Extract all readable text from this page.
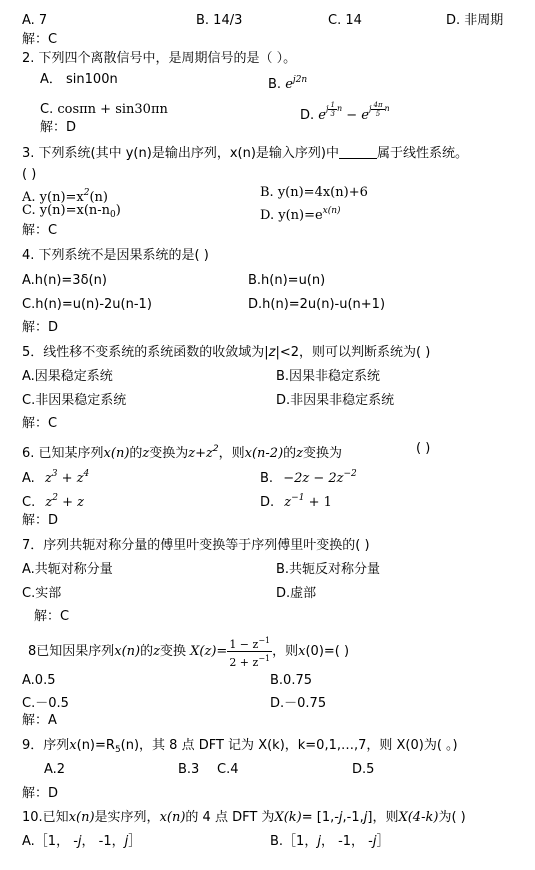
A. 7	B. 14/3	C. 14	D. 非周期
解：C
2. 下列四个离散信号中，是周期信号的是（ ）。
A． sin100n	B. $e^{j2n}$
C. cosπn + sin30πn	D. $e^{j \frac{1}{3} n} - e^{j \frac{4\pi}{5} n}$
解：D
3. 下列系统(其中 y(n)是输出序列，x(n)是输入序列)中	属于线性系统。
( )
A. $y(n)=x^2(n)$	B. y(n)=4x(n)+6
C. $y(n)=x(n-n_0)$	D. $y(n)=e^{x(n)}$
解：C
4. 下列系统不是因果系统的是( )
A.h(n)=3δ(n)	B.h(n)=u(n)
C.h(n)=u(n)-2u(n-1)	D.h(n)=2u(n)-u(n+1)
解：D
5．线性移不变系统的系统函数的收敛域为|z|<2，则可以判断系统为( )
A.因果稳定系统	B.因果非稳定系统
C.非因果稳定系统	D.非因果非稳定系统
解：C
6. 已知某序列x(n)的z变换为$z+z^2$，则x(n-2)的z变换为	( )
A. $z^3 + z^4$	B. $-2z - 2z^{-2}$
C. $z^2 + z$	D. $z^{-1} + 1$
解：D
7．序列共轭对称分量的傅里叶变换等于序列傅里叶变换的( )
A.共轭对称分量	B.共轭反对称分量
C.实部	D.虚部
解：C
8已知因果序列x(n)的z变换 $X(z)= \frac{1 - z^{-1}}{2 + z^{-1}}$ ，则x(0)=( )
A.0.5	B.0.75
C.－0.5	D.－0.75
解：A
9．序列$x(n)=R_5(n)$，其 8 点 DFT 记为 X(k)，k=0,1,…,7，则 X(0)为( 。)
A.2	B.3 C.4	D.5
解：D
10.已知x(n)是实序列，x(n)的 4 点 DFT 为X(k)= [1,-j,-1,j]，则X(4-k)为( )
A.［1， -j， -1，j］	B.［1，j， -1， -j］
